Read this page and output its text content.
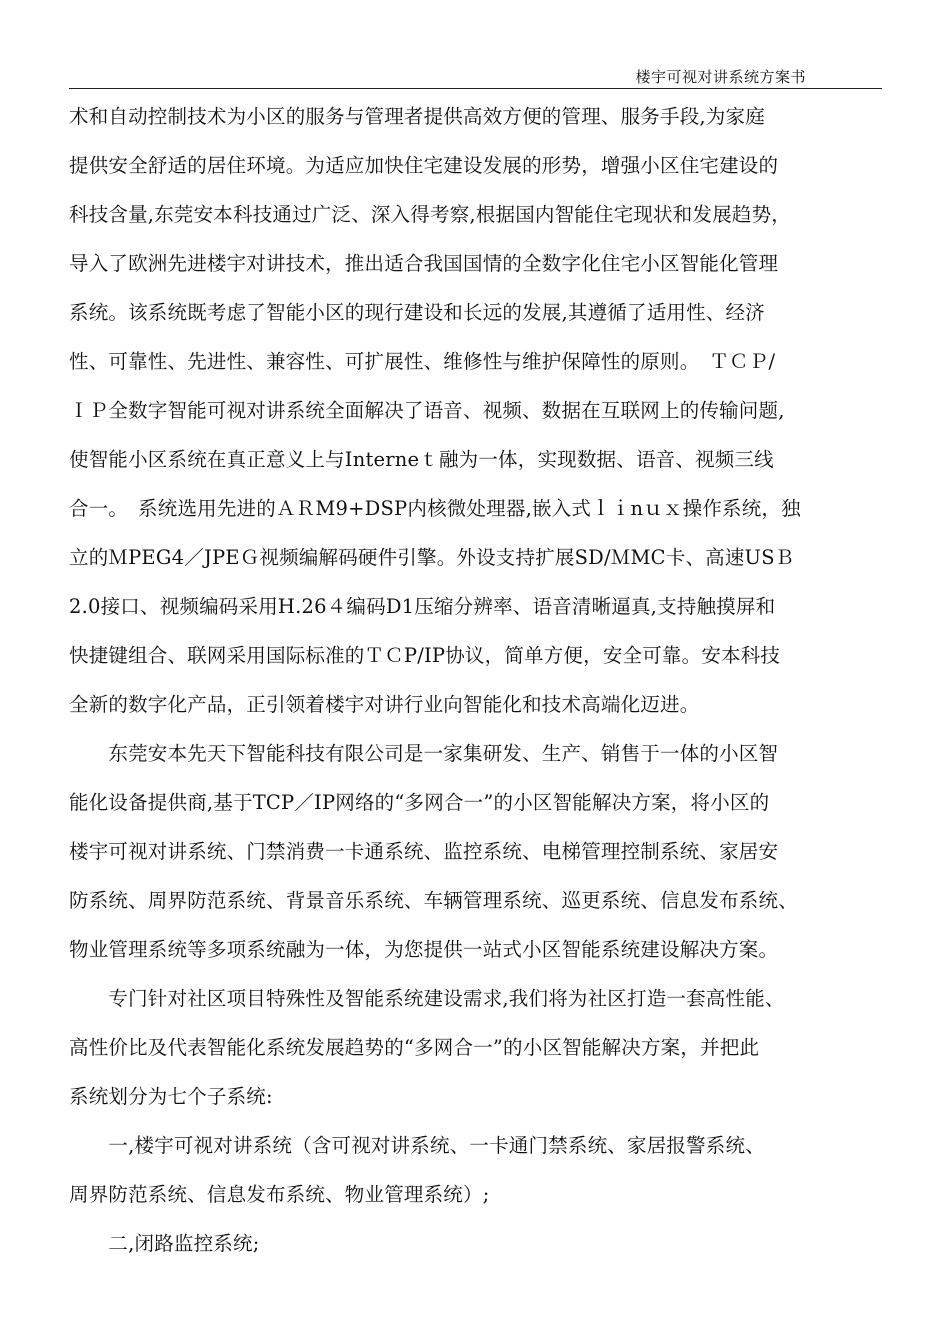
楼宇可视对讲系统方案书
术和自动控制技术为小区的服务与管理者提供高效方便的管理、服务手段,为家庭
提供安全舒适的居住环境。为适应加快住宅建设发展的形势，增强小区住宅建设的
科技含量,东莞安本科技通过广泛、深入得考察,根据国内智能住宅现状和发展趋势，
导入了欧洲先进楼宇对讲技术，推出适合我国国情的全数字化住宅小区智能化管理
系统。该系统既考虑了智能小区的现行建设和长远的发展,其遵循了适用性、经济
性、可靠性、先进性、兼容性、可扩展性、维修性与维护保障性的原则。　ＴＣＰ/
ＩＰ全数字智能可视对讲系统全面解决了语音、视频、数据在互联网上的传输问题,
使智能小区系统在真正意义上与Interneｔ融为一体，实现数据、语音、视频三线
合一。　系统选用先进的ＡＲM9+DSP内核微处理器,嵌入式ｌｉnｕｘ操作系统，独
立的ＭPEG4／JPEＧ视频编解码硬件引擎。外设支持扩展SD/ＭMC卡、高速USＢ
2.0接口、视频编码采用H.26４编码D1压缩分辨率、语音清晰逼真,支持触摸屏和
快捷键组合、联网采用国际标准的ＴＣP/IP协议，简单方便，安全可靠。安本科技
全新的数字化产品，正引领着楼宇对讲行业向智能化和技术高端化迈进。
　　东莞安本先天下智能科技有限公司是一家集研发、生产、销售于一体的小区智
能化设备提供商,基于TCP／IP网络的“多网合一”的小区智能解决方案，将小区的
楼宇可视对讲系统、门禁消费一卡通系统、监控系统、电梯管理控制系统、家居安
防系统、周界防范系统、背景音乐系统、车辆管理系统、巡更系统、信息发布系统、
物业管理系统等多项系统融为一体，为您提供一站式小区智能系统建设解决方案。
　　专门针对社区项目特殊性及智能系统建设需求,我们将为社区打造一套高性能、
高性价比及代表智能化系统发展趋势的“多网合一”的小区智能解决方案，并把此
系统划分为七个子系统:
　　一,楼宇可视对讲系统（含可视对讲系统、一卡通门禁系统、家居报警系统、
周界防范系统、信息发布系统、物业管理系统）;
　　二,闭路监控系统;
